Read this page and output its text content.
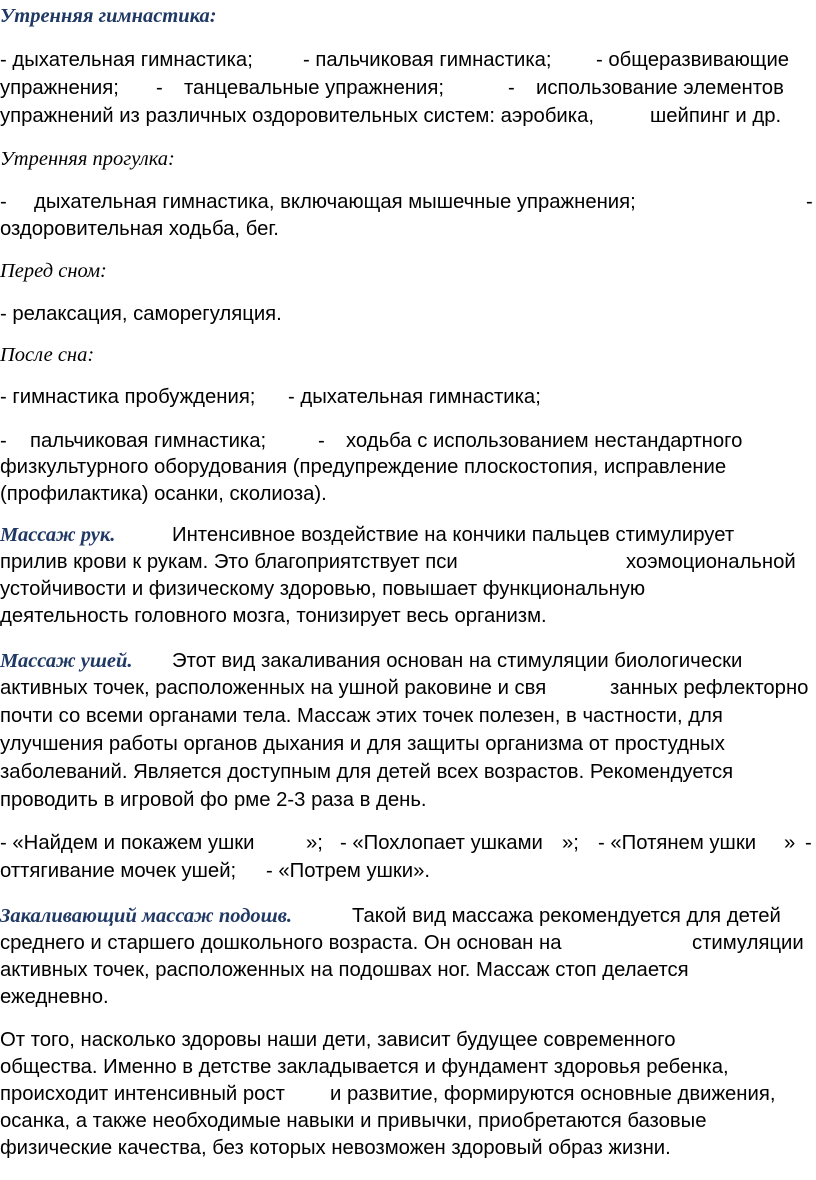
Утренняя гимнастика:
- дыхательная гимнастика; - пальчиковая гимнастика; - общеразвивающие
упражнения; - танцевальные упражнения;	- использование элементов
упражнений из различных оздоровительных систем: аэробика,	шейпинг и др.
Утренняя прогулка:
- дыхательная гимнастика, включающая мышечные упражнения;	-
оздоровительная ходьба, бег.
Перед сном:
- релаксация, саморегуляция.
После сна:
- гимнастика пробуждения; - дыхательная гимнастика;
- пальчиковая гимнастика;	- ходьба с использованием нестандартного
физкультурного оборудования (предупреждение плоскостопия, исправление
(профилактика) осанки, сколиоза).
Массаж рук.	Интенсивное воздействие на кончики пальцев стимулирует
прилив крови к рукам. Это благоприятствует пси	хоэмоциональной
устойчивости и физическому здоровью, повышает функциональную
деятельность головного мозга, тонизирует весь организм.
Массаж ушей. Этот вид закаливания основан на стимуляции биологически
активных точек, расположенных на ушной раковине и свя	занных рефлекторно
почти со всеми органами тела. Массаж этих точек полезен, в частности, для
улучшения работы органов дыхания и для защиты организма от простудных
заболеваний. Является доступным для детей всех возрастов. Рекомендуется
проводить в игровой фо рме 2-3 раза в день.
- «Найдем и покажем ушки	»; - «Похлопает ушками »; - «Потянем ушки » -
оттягивание мочек ушей; - «Потрем ушки».
Закаливающий массаж подошв.	Такой вид массажа рекомендуется для детей
среднего и старшего дошкольного возраста. Он основан на	стимуляции
активных точек, расположенных на подошвах ног. Массаж стоп делается
ежедневно.
От того, насколько здоровы наши дети, зависит будущее современного
общества. Именно в детстве закладывается и фундамент здоровья ребенка,
происходит интенсивный рост и развитие, формируются основные движения,
осанка, а также необходимые навыки и привычки, приобретаются базовые
физические качества, без которых невозможен здоровый образ жизни.
